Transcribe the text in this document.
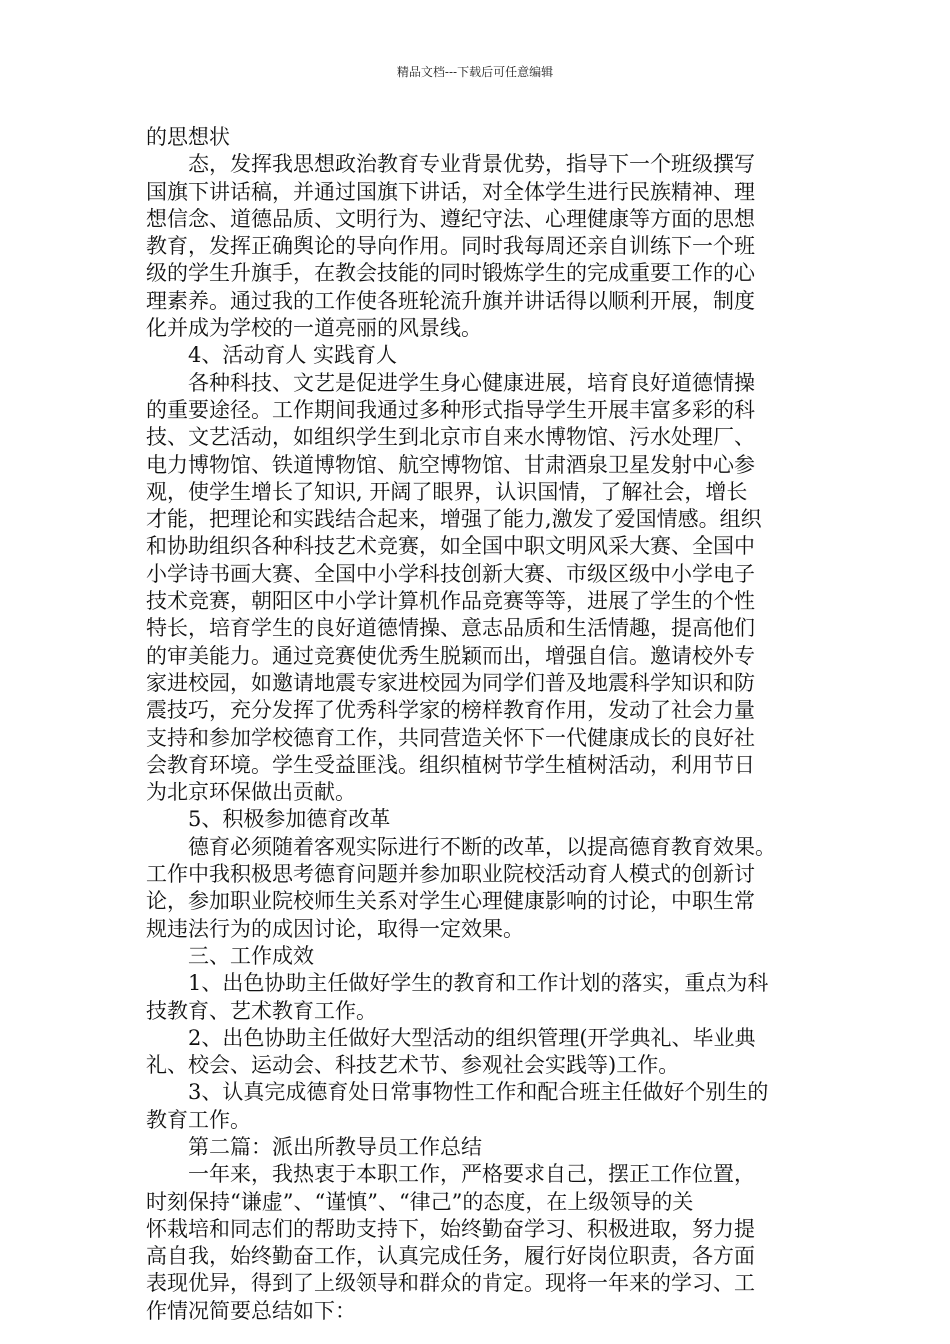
精品文档---下载后可任意编辑
的思想状
态，发挥我思想政治教育专业背景优势，指导下一个班级撰写
国旗下讲话稿，并通过国旗下讲话，对全体学生进行民族精神、理
想信念、道德品质、文明行为、遵纪守法、心理健康等方面的思想
教育，发挥正确舆论的导向作用。同时我每周还亲自训练下一个班
级的学生升旗手，在教会技能的同时锻炼学生的完成重要工作的心
理素养。通过我的工作使各班轮流升旗并讲话得以顺利开展，制度
化并成为学校的一道亮丽的风景线。
4、活动育人 实践育人
各种科技、文艺是促进学生身心健康进展，培育良好道德情操
的重要途径。工作期间我通过多种形式指导学生开展丰富多彩的科
技、文艺活动，如组织学生到北京市自来水博物馆、污水处理厂、
电力博物馆、铁道博物馆、航空博物馆、甘肃酒泉卫星发射中心参
观，使学生增长了知识, 开阔了眼界，认识国情，了解社会，增长
才能，把理论和实践结合起来，增强了能力,激发了爱国情感。组织
和协助组织各种科技艺术竞赛，如全国中职文明风采大赛、全国中
小学诗书画大赛、全国中小学科技创新大赛、市级区级中小学电子
技术竞赛，朝阳区中小学计算机作品竞赛等等，进展了学生的个性
特长，培育学生的良好道德情操、意志品质和生活情趣，提高他们
的审美能力。通过竞赛使优秀生脱颖而出，增强自信。邀请校外专
家进校园，如邀请地震专家进校园为同学们普及地震科学知识和防
震技巧，充分发挥了优秀科学家的榜样教育作用，发动了社会力量
支持和参加学校德育工作，共同营造关怀下一代健康成长的良好社
会教育环境。学生受益匪浅。组织植树节学生植树活动，利用节日
为北京环保做出贡献。
5、积极参加德育改革
德育必须随着客观实际进行不断的改革，以提高德育教育效果。
工作中我积极思考德育问题并参加职业院校活动育人模式的创新讨
论，参加职业院校师生关系对学生心理健康影响的讨论，中职生常
规违法行为的成因讨论，取得一定效果。
三、工作成效
1、出色协助主任做好学生的教育和工作计划的落实，重点为科
技教育、艺术教育工作。
2、出色协助主任做好大型活动的组织管理(开学典礼、毕业典
礼、校会、运动会、科技艺术节、参观社会实践等)工作。
3、认真完成德育处日常事物性工作和配合班主任做好个别生的
教育工作。
第二篇：派出所教导员工作总结
一年来，我热衷于本职工作，严格要求自己，摆正工作位置，
时刻保持“谦虚”、“谨慎”、“律己”的态度，在上级领导的关
怀栽培和同志们的帮助支持下，始终勤奋学习、积极进取，努力提
高自我，始终勤奋工作，认真完成任务，履行好岗位职责，各方面
表现优异，得到了上级领导和群众的肯定。现将一年来的学习、工
作情况简要总结如下：
